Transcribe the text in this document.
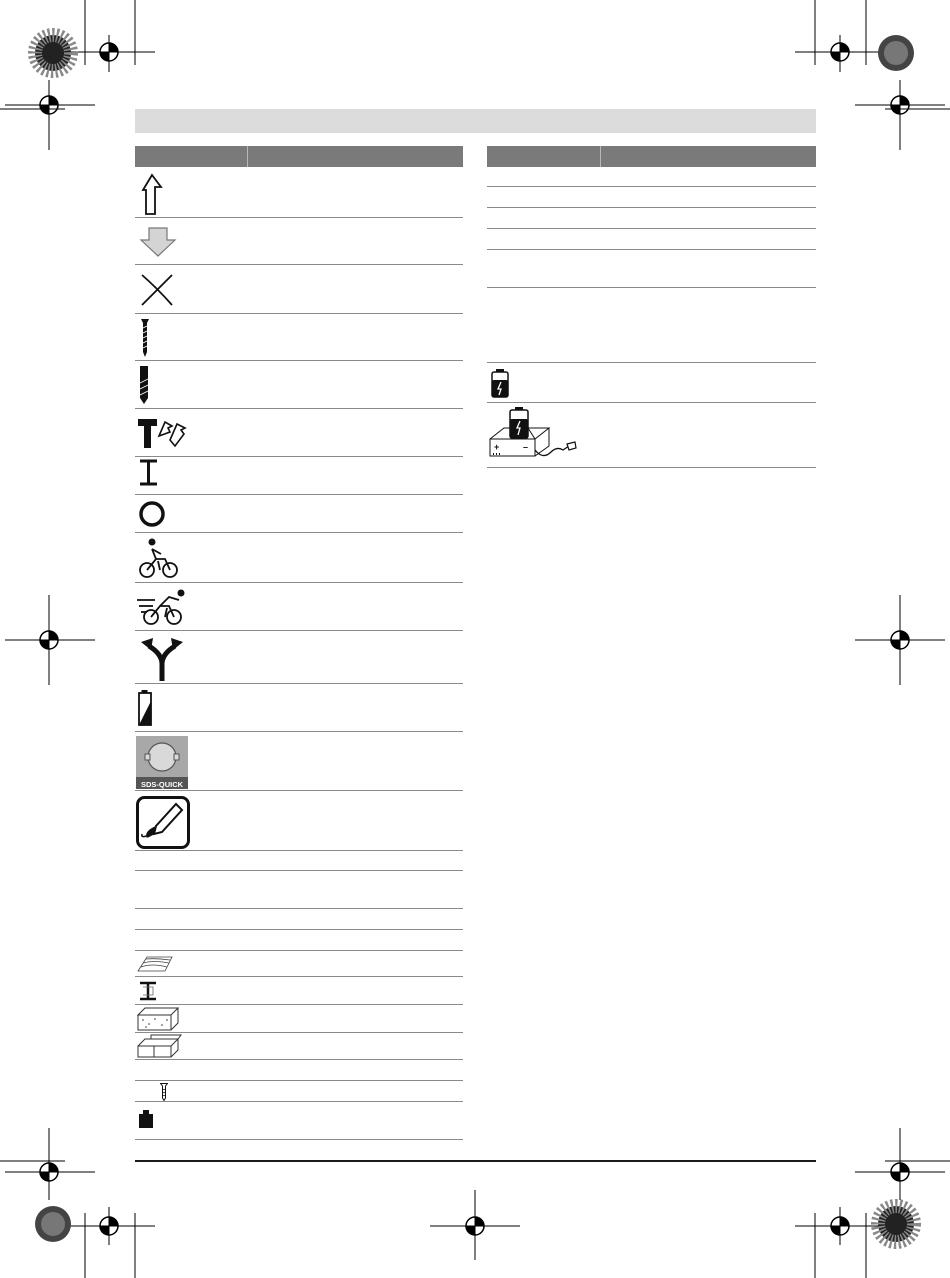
SDS-QUICK
+	–
